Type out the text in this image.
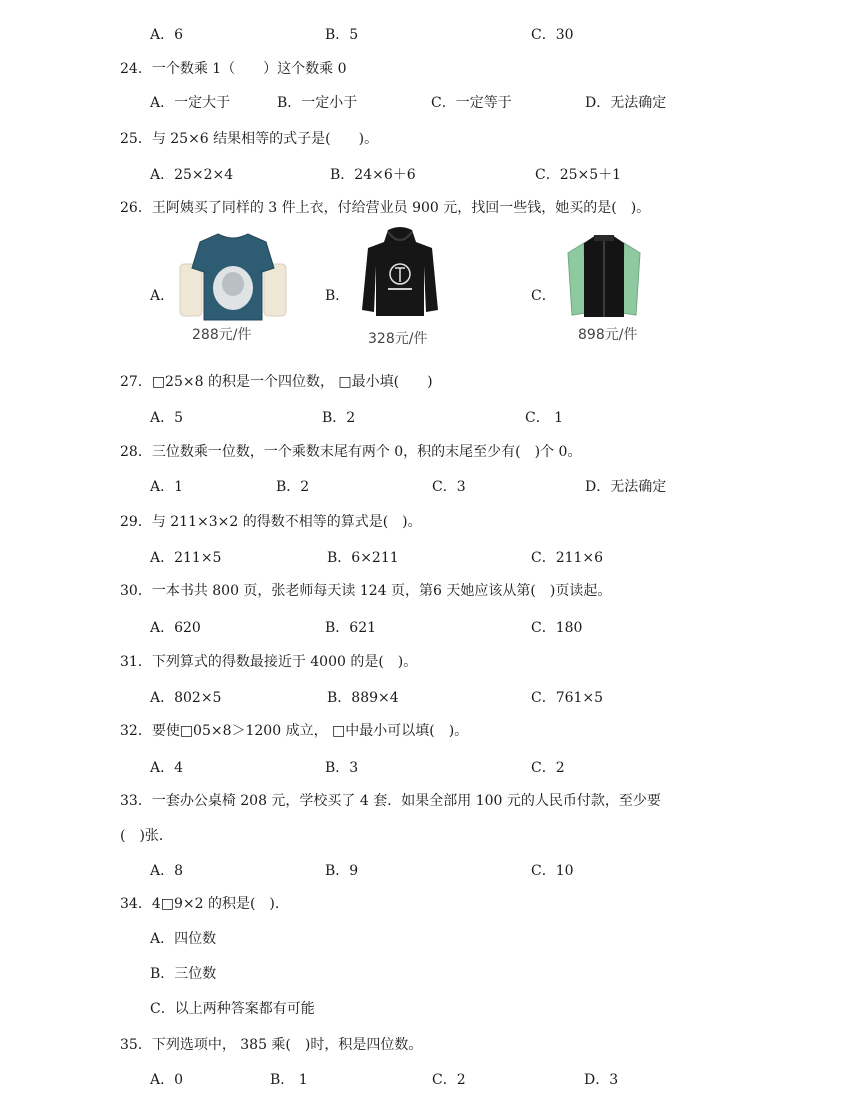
A．6	B．5	C．30
24．一个数乘 1（　　）这个数乘 0
A．一定大于	B．一定小于	C．一定等于	D．无法确定
25．与 25×6 结果相等的式子是(　　)。
A．25×2×4	B．24×6＋6	C．25×5＋1
26．王阿姨买了同样的 3 件上衣，付给营业员 900 元，找回一些钱，她买的是(　)。
A．	B．	C．
288元/件	328元/件	898元/件
27．□25×8 的积是一个四位数， □最小填(　　)
A．5	B．2	C． 1
28．三位数乘一位数，一个乘数末尾有两个 0，积的末尾至少有(　)个 0。
A．1	B．2	C．3	D．无法确定
29．与 211×3×2 的得数不相等的算式是(　)。
A．211×5	B．6×211	C．211×6
30．一本书共 800 页，张老师每天读 124 页，第6 天她应该从第(　)页读起。
A．620	B．621	C．180
31．下列算式的得数最接近于 4000 的是(　)。
A．802×5	B．889×4	C．761×5
32．要使□05×8＞1200 成立， □中最小可以填(　)。
A．4	B．3	C．2
33．一套办公桌椅 208 元，学校买了 4 套．如果全部用 100 元的人民币付款，至少要
(　)张．
A．8	B．9	C．10
34．4□9×2 的积是(　).
A．四位数
B．三位数
C．以上两种答案都有可能
35．下列选项中， 385 乘(　)时，积是四位数。
A．0	B． 1	C．2	D．3
